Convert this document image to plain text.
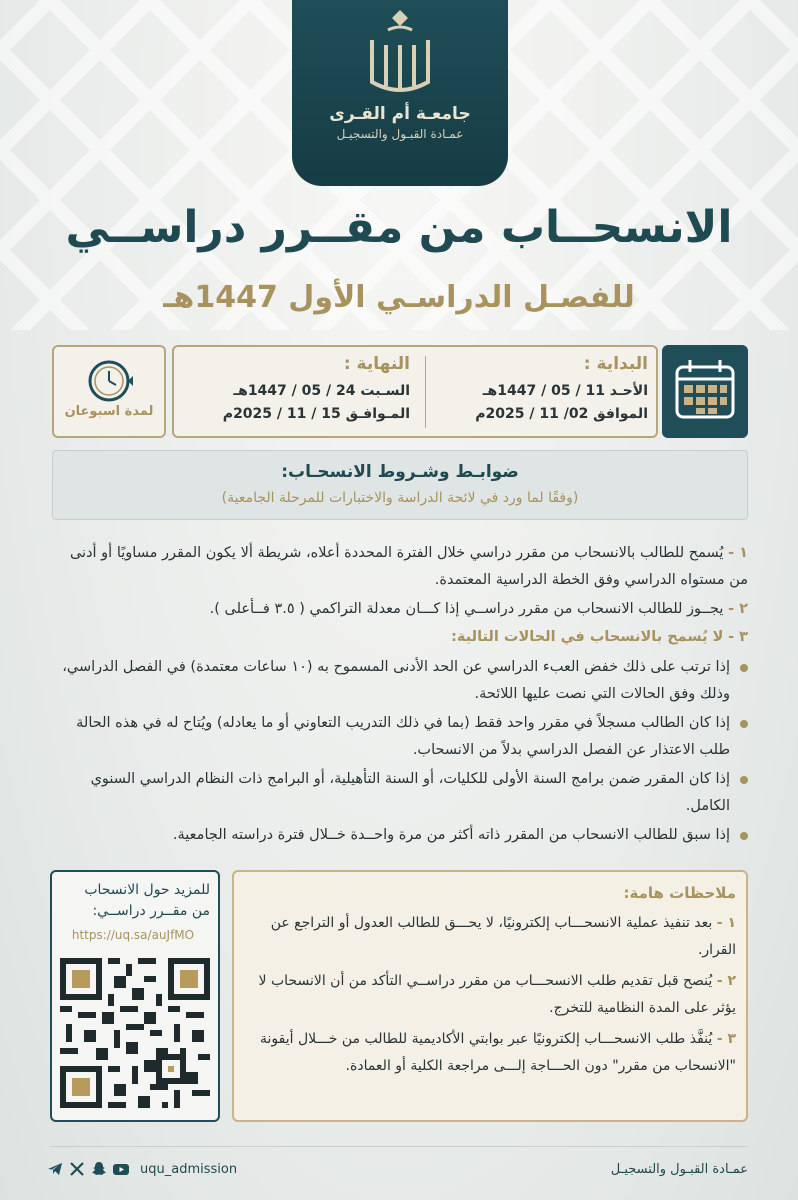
جامعـة أم القـرى
عمـادة القبـول والتسجيـل
الانسحــاب من مقــرر دراســي
للفصـل الدراسـي الأول 1447هـ
البداية :
الأحـد 11 / 05 / 1447هـ
الموافق 02/ 11 / 2025م
النهاية :
السـبت 24 / 05 / 1447هـ
المـوافـق 15 / 11 / 2025م
لمدة اسبوعان
ضوابـط وشـروط الانسحـاب:
(وفقًا لما ورد في لائحة الدراسة والاختبارات للمرحلة الجامعية)
١ - يُسمح للطالب بالانسحاب من مقرر دراسي خلال الفترة المحددة أعلاه، شريطة ألا يكون المقرر مساويًا أو أدنى من مستواه الدراسي وفق الخطة الدراسية المعتمدة.
٢ - يجــوز للطالب الانسحاب من مقرر دراســي إذا كـــان معدلة التراكمي ( ٣.٥ فــأعلى ).
٣ - لا يُسمح بالانسحاب في الحالات التالية:
إذا ترتب على ذلك خفض العبء الدراسي عن الحد الأدنى المسموح به (١٠ ساعات معتمدة) في الفصل الدراسي، وذلك وفق الحالات التي نصت عليها اللائحة.
إذا كان الطالب مسجلاً في مقرر واحد فقط (بما في ذلك التدريب التعاوني أو ما يعادله) ويُتاح له في هذه الحالة طلب الاعتذار عن الفصل الدراسي بدلاً من الانسحاب.
إذا كان المقرر ضمن برامج السنة الأولى للكليات، أو السنة التأهيلية، أو البرامج ذات النظام الدراسي السنوي الكامل.
إذا سبق للطالب الانسحاب من المقرر ذاته أكثر من مرة واحــدة خــلال فترة دراسته الجامعية.
ملاحظات هامة:
١ - بعد تنفيذ عملية الانسحـــاب إلكترونيًا، لا يحـــق للطالب العدول أو التراجع عن القرار.
٢ - يُنصح قبل تقديم طلب الانسحـــاب من مقرر دراســي التأكد من أن الانسحاب لا يؤثر على المدة النظامية للتخرج.
٣ - يُنفَّذ طلب الانسحـــاب إلكترونيًا عبر بوابتي الأكاديمية للطالب من خـــلال أيقونة "الانسحاب من مقرر" دون الحـــاجة إلـــى مراجعة الكلية أو العمادة.
للمزيد حول الانسحاب
من مقــرر دراســي:
https://uq.sa/auJfMO
عمـادة القبـول والتسجيـل
uqu_admission
